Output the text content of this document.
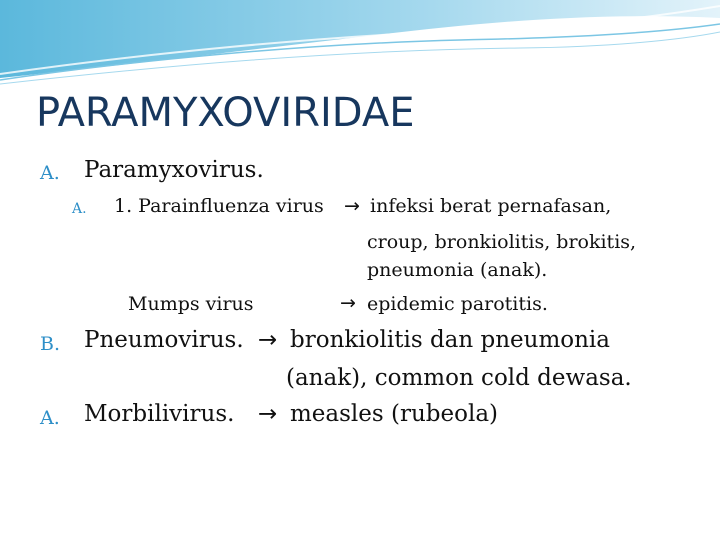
PARAMYXOVIRIDAE
A. Paramyxovirus.
A. 1. Parainfluenza virus → infeksi berat pernafasan,
croup, bronkiolitis, brokitis,
pneumonia (anak).
Mumps virus	→ epidemic parotitis.
B. Pneumovirus. → bronkiolitis dan pneumonia
(anak), common cold dewasa.
A. Morbilivirus. → measles (rubeola)
